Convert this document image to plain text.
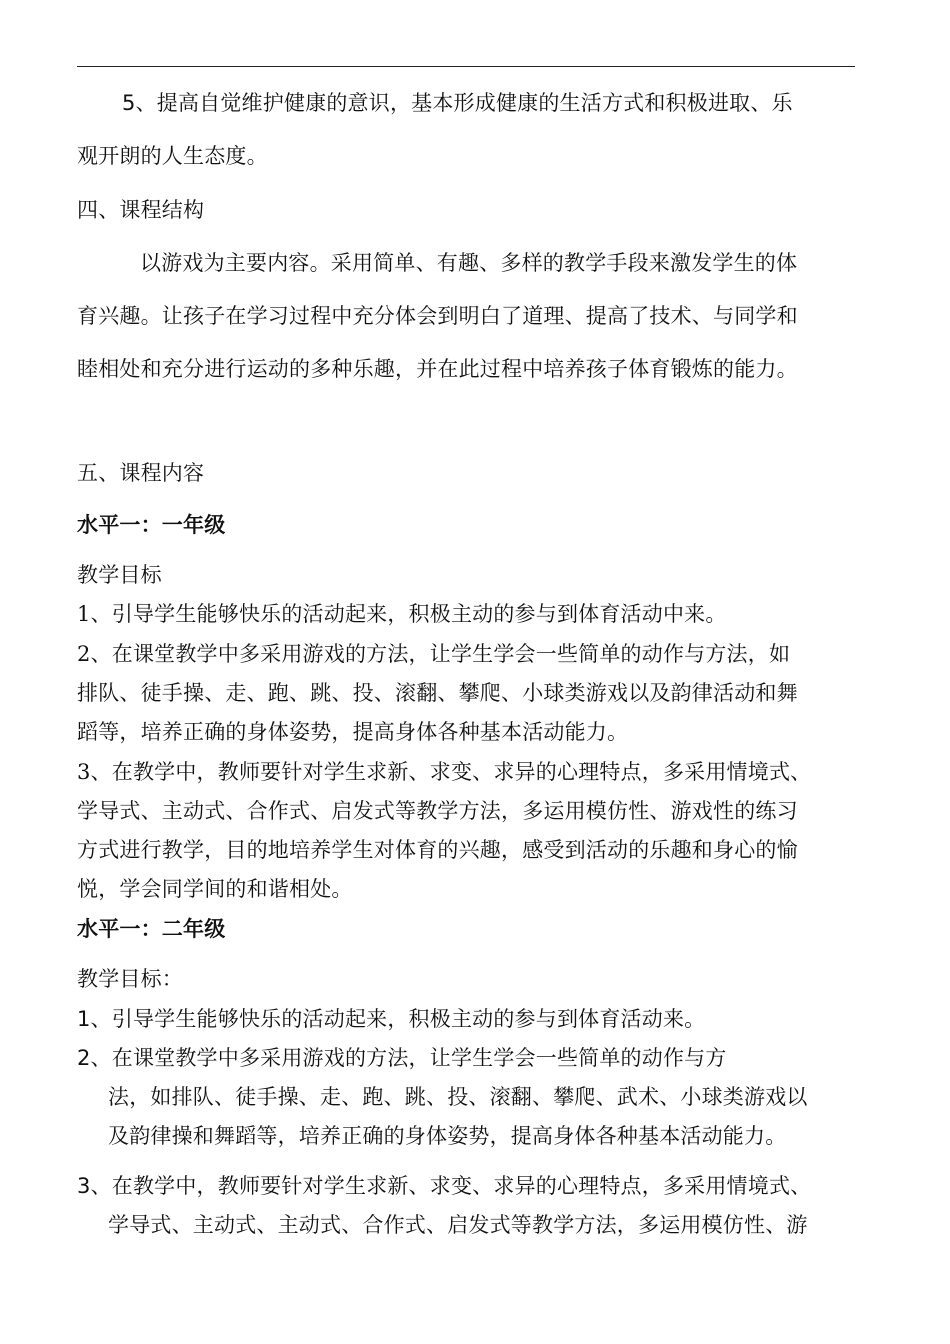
5、提高自觉维护健康的意识，基本形成健康的生活方式和积极进取、乐
观开朗的人生态度。
四、课程结构
以游戏为主要内容。采用简单、有趣、多样的教学手段来激发学生的体
育兴趣。让孩子在学习过程中充分体会到明白了道理、提高了技术、与同学和
睦相处和充分进行运动的多种乐趣，并在此过程中培养孩子体育锻炼的能力。
五、课程内容
水平一：一年级
教学目标
1、引导学生能够快乐的活动起来，积极主动的参与到体育活动中来。
2、在课堂教学中多采用游戏的方法，让学生学会一些简单的动作与方法，如
排队、徒手操、走、跑、跳、投、滚翻、攀爬、小球类游戏以及韵律活动和舞
蹈等，培养正确的身体姿势，提高身体各种基本活动能力。
3、在教学中，教师要针对学生求新、求变、求异的心理特点，多采用情境式、
学导式、主动式、合作式、启发式等教学方法，多运用模仿性、游戏性的练习
方式进行教学，目的地培养学生对体育的兴趣，感受到活动的乐趣和身心的愉
悦，学会同学间的和谐相处。
水平一：二年级
教学目标：
1、引导学生能够快乐的活动起来，积极主动的参与到体育活动来。
2、在课堂教学中多采用游戏的方法，让学生学会一些简单的动作与方
法，如排队、徒手操、走、跑、跳、投、滚翻、攀爬、武术、小球类游戏以
及韵律操和舞蹈等，培养正确的身体姿势，提高身体各种基本活动能力。
3、在教学中，教师要针对学生求新、求变、求异的心理特点，多采用情境式、
学导式、主动式、主动式、合作式、启发式等教学方法，多运用模仿性、游
